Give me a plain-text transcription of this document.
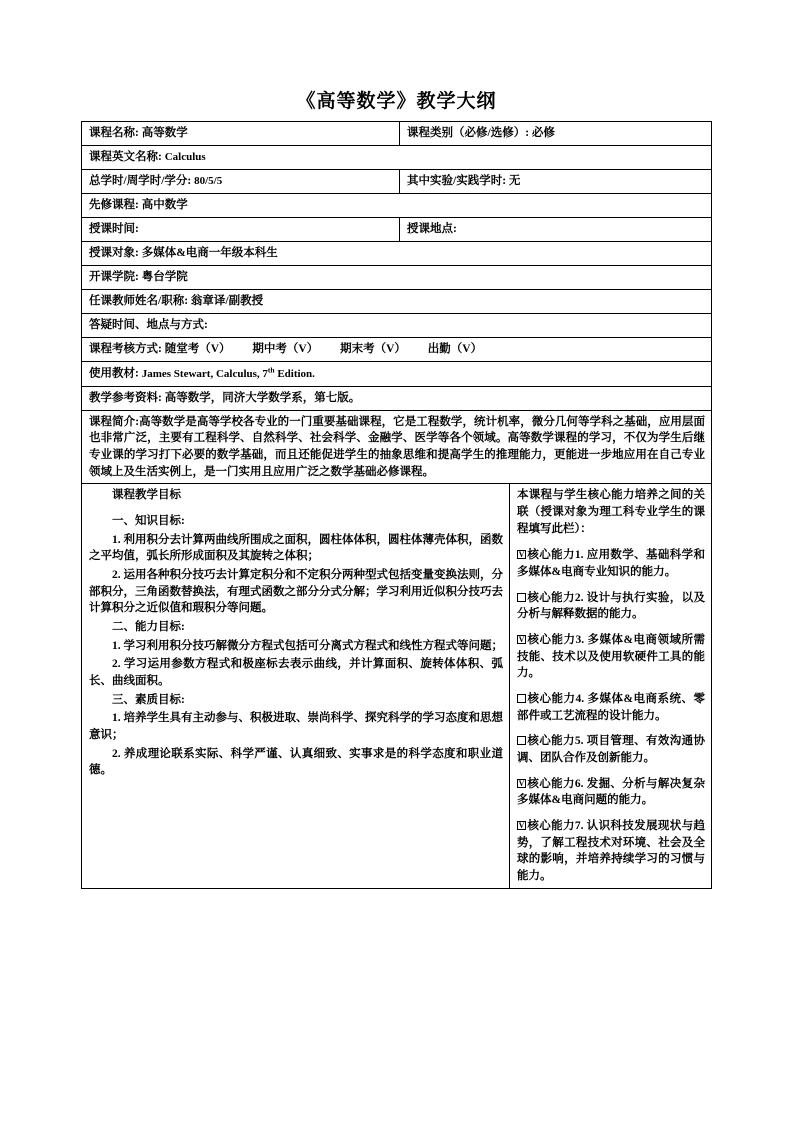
《高等数学》教学大纲
课程名称: 高等数学	课程类别（必修/选修）: 必修	
课程英文名称: Calculus		
总学时/周学时/学分: 80/5/5	其中实验/实践学时: 无	
先修课程: 高中数学		
授课时间:	授课地点:	
授课对象: 多媒体&电商一年级本科生		
开课学院: 粤台学院		
任课教师姓名/职称: 翁章译/副教授		
答疑时间、地点与方式:		
课程考核方式: 随堂考（V） 期中考（V） 期末考（V） 出勤（V）		
使用教材: James Stewart, Calculus, 7th Edition.		
教学参考资料: 高等数学，同济大学数学系，第七版。		
课程简介:高等数学是高等学校各专业的一门重要基础课程，它是工程数学，统计机率，微分几何等学科之基础，应用层面也非常广泛，主要有工程科学、自然科学、社会科学、金融学、医学等各个领域。高等数学课程的学习，不仅为学生后继专业课的学习打下必要的数学基础，而且还能促进学生的抽象思维和提高学生的推理能力，更能进一步地应用在自己专业领域上及生活实例上，是一门实用且应用广泛之数学基础必修课程。		

课程教学目标

一、知识目标:

1. 利用积分去计算两曲线所围成之面积，圆柱体体积，圆柱体薄壳体积，函数之平均值，弧长所形成面积及其旋转之体积；

2. 运用各种积分技巧去计算定积分和不定积分两种型式包括变量变换法则，分部积分，三角函数替换法，有理式函数之部分分式分解；学习利用近似积分技巧去计算积分之近似值和瑕积分等问题。

二、能力目标:

1. 学习利用积分技巧解微分方程式包括可分离式方程式和线性方程式等问题；

2. 学习运用参数方程式和极座标去表示曲线，并计算面积、旋转体体积、弧长、曲线面积。

三、素质目标:

1. 培养学生具有主动参与、积极进取、崇尚科学、探究科学的学习态度和思想意识；

2. 养成理论联系实际、科学严谨、认真细致、实事求是的科学态度和职业道德。

本课程与学生核心能力培养之间的关联（授课对象为理工科专业学生的课程填写此栏）：

V核心能力1. 应用数学、基础科学和多媒体&电商专业知识的能力。

核心能力2. 设计与执行实验，以及分析与解释数据的能力。

V核心能力3. 多媒体&电商领域所需技能、技术以及使用软硬件工具的能力。

核心能力4. 多媒体&电商系统、零部件或工艺流程的设计能力。

核心能力5. 项目管理、有效沟通协调、团队合作及创新能力。

V核心能力6. 发掘、分析与解决复杂多媒体&电商问题的能力。

V核心能力7. 认识科技发展现状与趋势，了解工程技术对环境、社会及全球的影响，并培养持续学习的习惯与能力。
